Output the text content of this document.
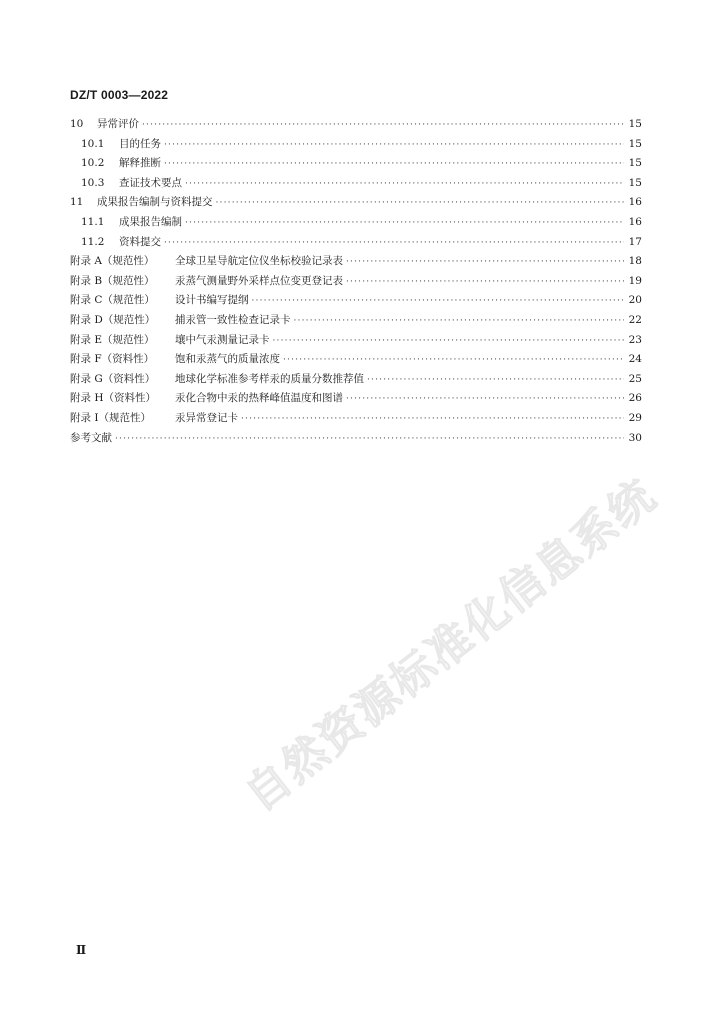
DZ/T 0003—2022
10	异常评价 ·····	15
10.1	目的任务 ·····	15
10.2	解释推断 ·····	15
10.3	查证技术要点 ·····	15
11	成果报告编制与资料提交 ·····	16
11.1	成果报告编制 ·····	16
11.2	资料提交 ·····	17
附录 A（规范性）	全球卫星导航定位仪坐标校验记录表 ·····	18
附录 B（规范性）	汞蒸气测量野外采样点位变更登记表 ·····	19
附录 C（规范性）	设计书编写提纲 ·····	20
附录 D（规范性）	捕汞管一致性检查记录卡 ·····	22
附录 E（规范性）	壤中气汞测量记录卡 ·····	23
附录 F（资料性）	饱和汞蒸气的质量浓度 ·····	24
附录 G（资料性）	地球化学标准参考样汞的质量分数推荐值 ·····	25
附录 H（资料性）	汞化合物中汞的热释峰值温度和图谱 ·····	26
附录 I（规范性）	汞异常登记卡 ·····	29
参考文献 ·····	30
自然资源标准化信息系统
Ⅱ
